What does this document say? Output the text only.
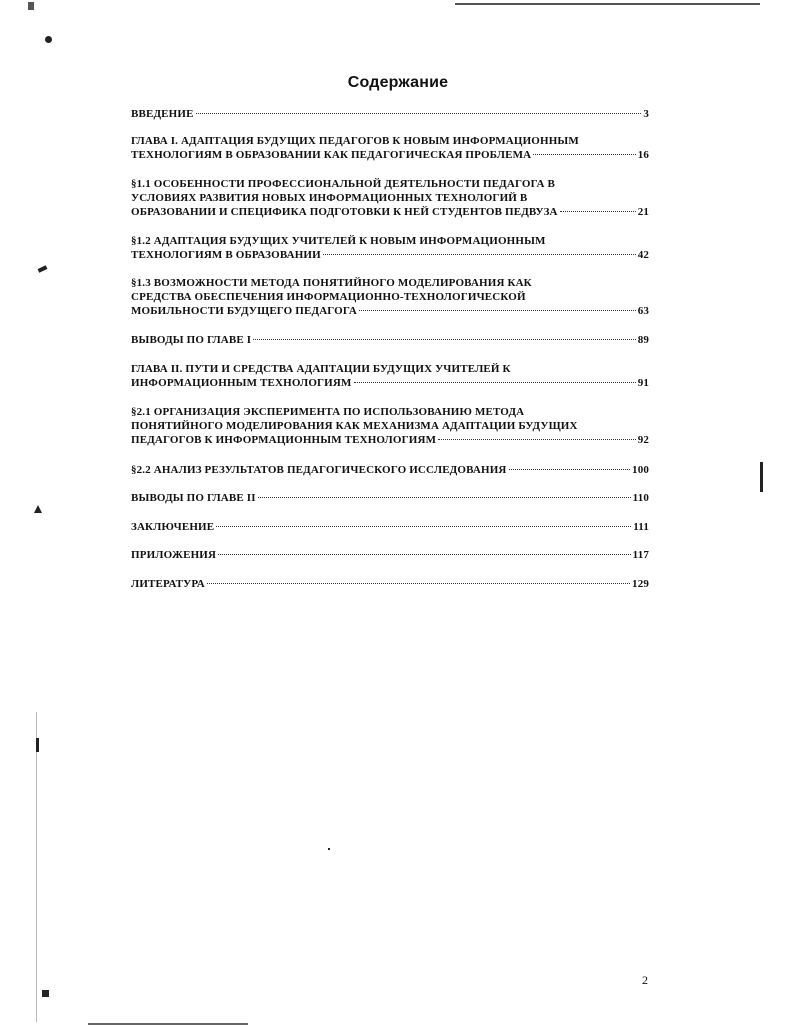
Содержание
ВВЕДЕНИЕ	3
ГЛАВА I. АДАПТАЦИЯ БУДУЩИХ ПЕДАГОГОВ К НОВЫМ ИНФОРМАЦИОННЫМ
ТЕХНОЛОГИЯМ В ОБРАЗОВАНИИ КАК ПЕДАГОГИЧЕСКАЯ ПРОБЛЕМА	16
§1.1 ОСОБЕННОСТИ ПРОФЕССИОНАЛЬНОЙ ДЕЯТЕЛЬНОСТИ ПЕДАГОГА В
УСЛОВИЯХ РАЗВИТИЯ НОВЫХ ИНФОРМАЦИОННЫХ ТЕХНОЛОГИЙ В
ОБРАЗОВАНИИ И СПЕЦИФИКА ПОДГОТОВКИ К НЕЙ СТУДЕНТОВ ПЕДВУЗА	21
§1.2 АДАПТАЦИЯ БУДУЩИХ УЧИТЕЛЕЙ К НОВЫМ ИНФОРМАЦИОННЫМ
ТЕХНОЛОГИЯМ В ОБРАЗОВАНИИ	42
§1.3 ВОЗМОЖНОСТИ МЕТОДА ПОНЯТИЙНОГО МОДЕЛИРОВАНИЯ КАК
СРЕДСТВА ОБЕСПЕЧЕНИЯ ИНФОРМАЦИОННО-ТЕХНОЛОГИЧЕСКОЙ
МОБИЛЬНОСТИ БУДУЩЕГО ПЕДАГОГА	63
ВЫВОДЫ ПО ГЛАВЕ I	89
ГЛАВА II. ПУТИ И СРЕДСТВА АДАПТАЦИИ БУДУЩИХ УЧИТЕЛЕЙ К
ИНФОРМАЦИОННЫМ ТЕХНОЛОГИЯМ	91
§2.1 ОРГАНИЗАЦИЯ ЭКСПЕРИМЕНТА ПО ИСПОЛЬЗОВАНИЮ МЕТОДА
ПОНЯТИЙНОГО МОДЕЛИРОВАНИЯ КАК МЕХАНИЗМА АДАПТАЦИИ БУДУЩИХ
ПЕДАГОГОВ К ИНФОРМАЦИОННЫМ ТЕХНОЛОГИЯМ	92
§2.2 АНАЛИЗ РЕЗУЛЬТАТОВ ПЕДАГОГИЧЕСКОГО ИССЛЕДОВАНИЯ	100
ВЫВОДЫ ПО ГЛАВЕ II	110
ЗАКЛЮЧЕНИЕ	111
ПРИЛОЖЕНИЯ	117
ЛИТЕРАТУРА	129
2
